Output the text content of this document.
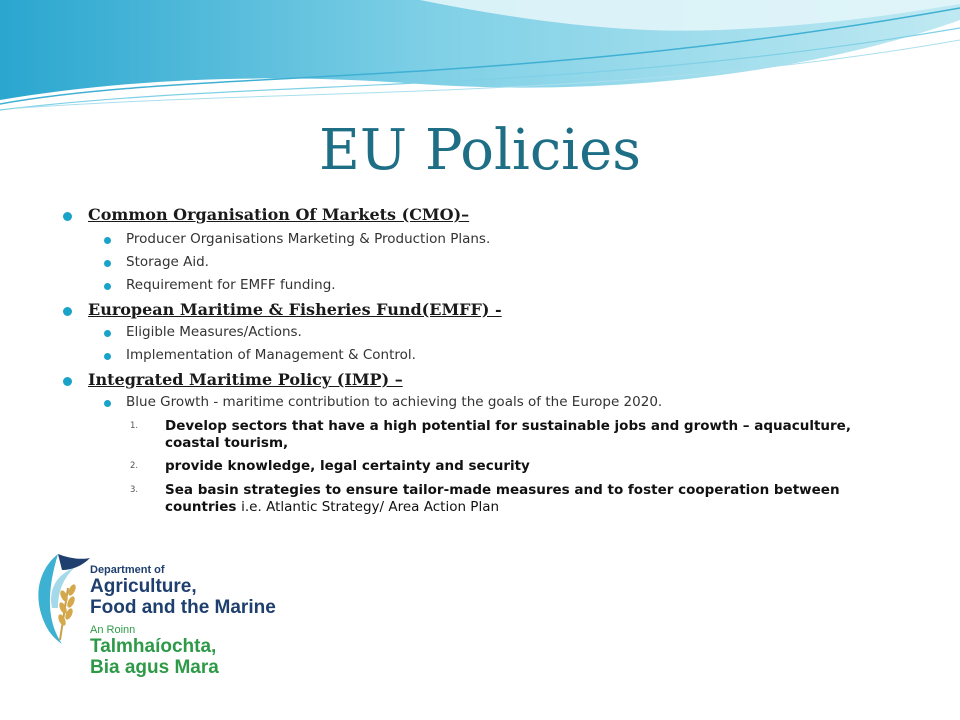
EU Policies
Common Organisation Of Markets (CMO)–
Producer Organisations Marketing & Production Plans.
Storage Aid.
Requirement for EMFF funding.
European Maritime & Fisheries Fund(EMFF) -
Eligible Measures/Actions.
Implementation of Management & Control.
Integrated Maritime Policy (IMP) –
Blue Growth - maritime contribution to achieving the goals of the Europe 2020.
1. Develop sectors that have a high potential for sustainable jobs and growth – aquaculture, coastal tourism,
2. provide knowledge, legal certainty and security
3. Sea basin strategies to ensure tailor-made measures and to foster cooperation between countries i.e. Atlantic Strategy/ Area Action Plan
Department of
Agriculture,
Food and the Marine
An Roinn
Talmhaíochta,
Bia agus Mara
